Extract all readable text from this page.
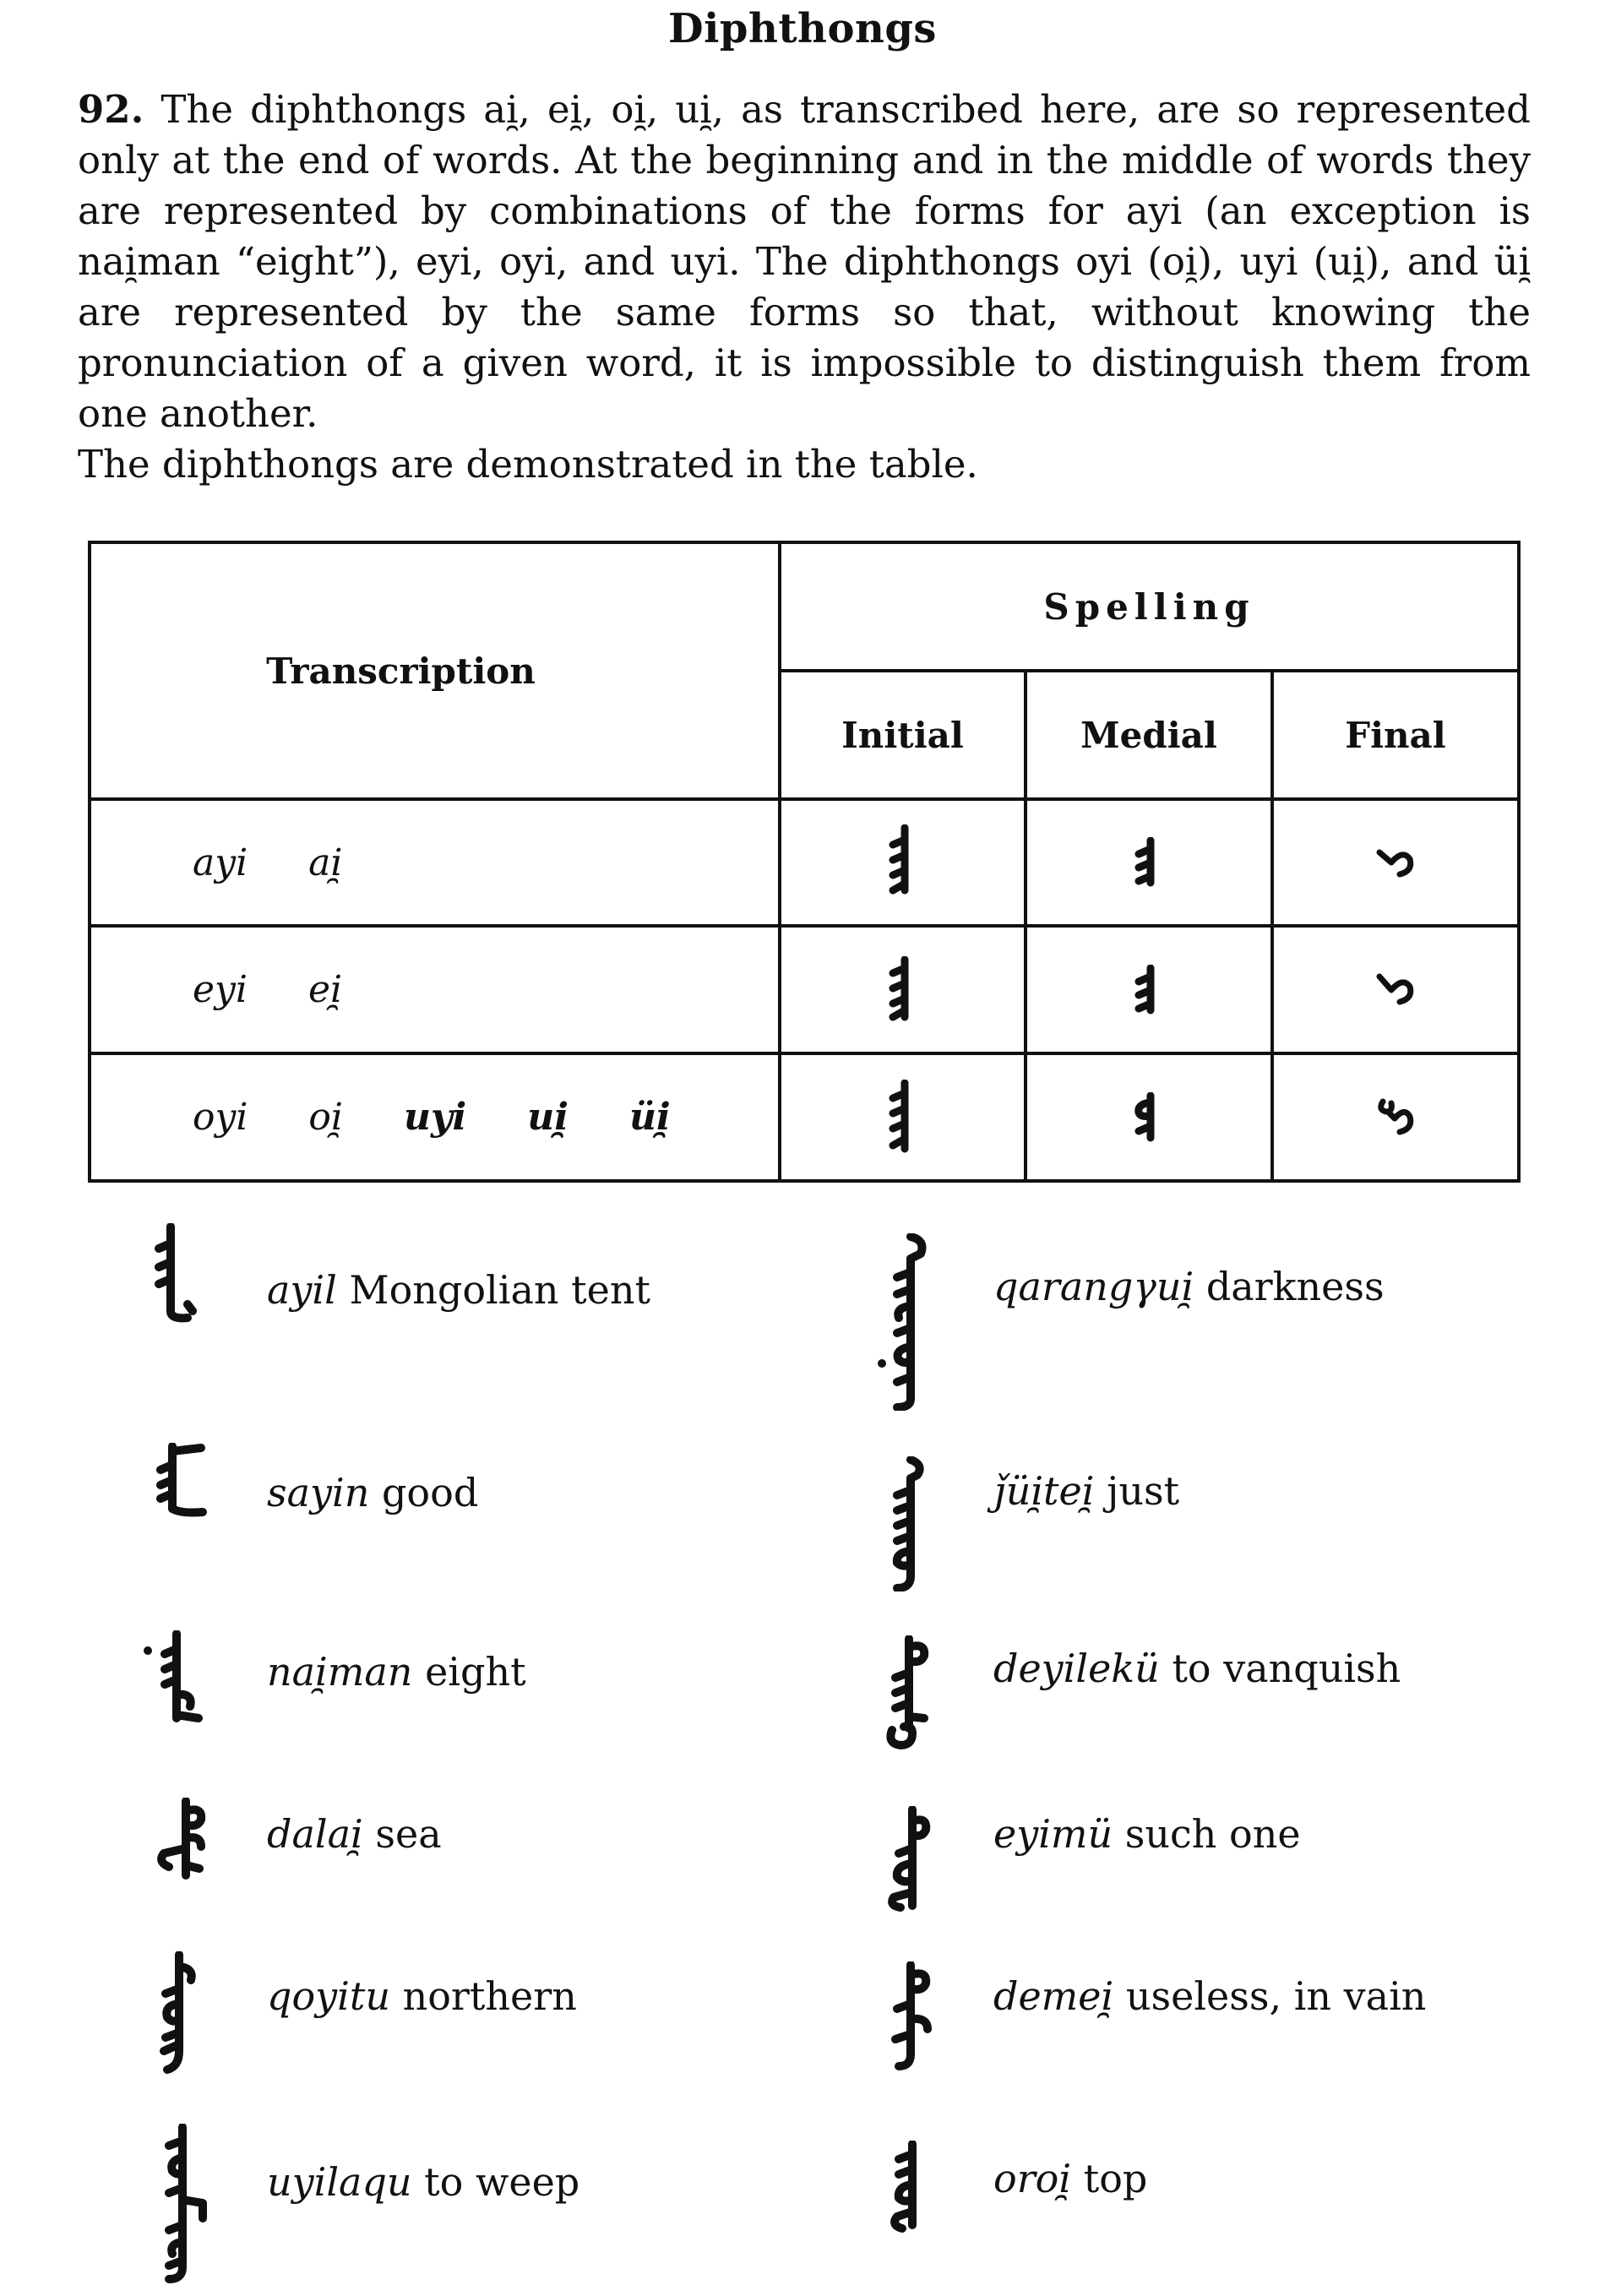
Diphthongs

92. The diphthongs ai̯, ei̯, oi̯, ui̯, as transcribed here, are so represented only at the end of words. At the beginning and in the middle of words they are represented by combinations of the forms for ayi (an exception is nai̯man “eight”), eyi, oyi, and uyi. The diphthongs oyi (oi̯), uyi (ui̯), and üi̯ are represented by the same forms so that, without knowing the pronunciation of a given word, it is impossible to distinguish them from one another.

The diphthongs are demonstrated in the table.

Transcription
Spelling
Initial	Medial	Final
ayi ai̯
eyi ei̯
oyi oi̯ uyi ui̯ üi̯
ayil Mongolian tent
sayin good
nai̯man eight
dalai̯ sea
qoyitu northern
uyilaqu to weep
qarangγui̯ darkness
ǰüi̯tei̯ just
deyilekü to vanquish
eyimü such one
demei̯ useless, in vain
oroi̯ top
